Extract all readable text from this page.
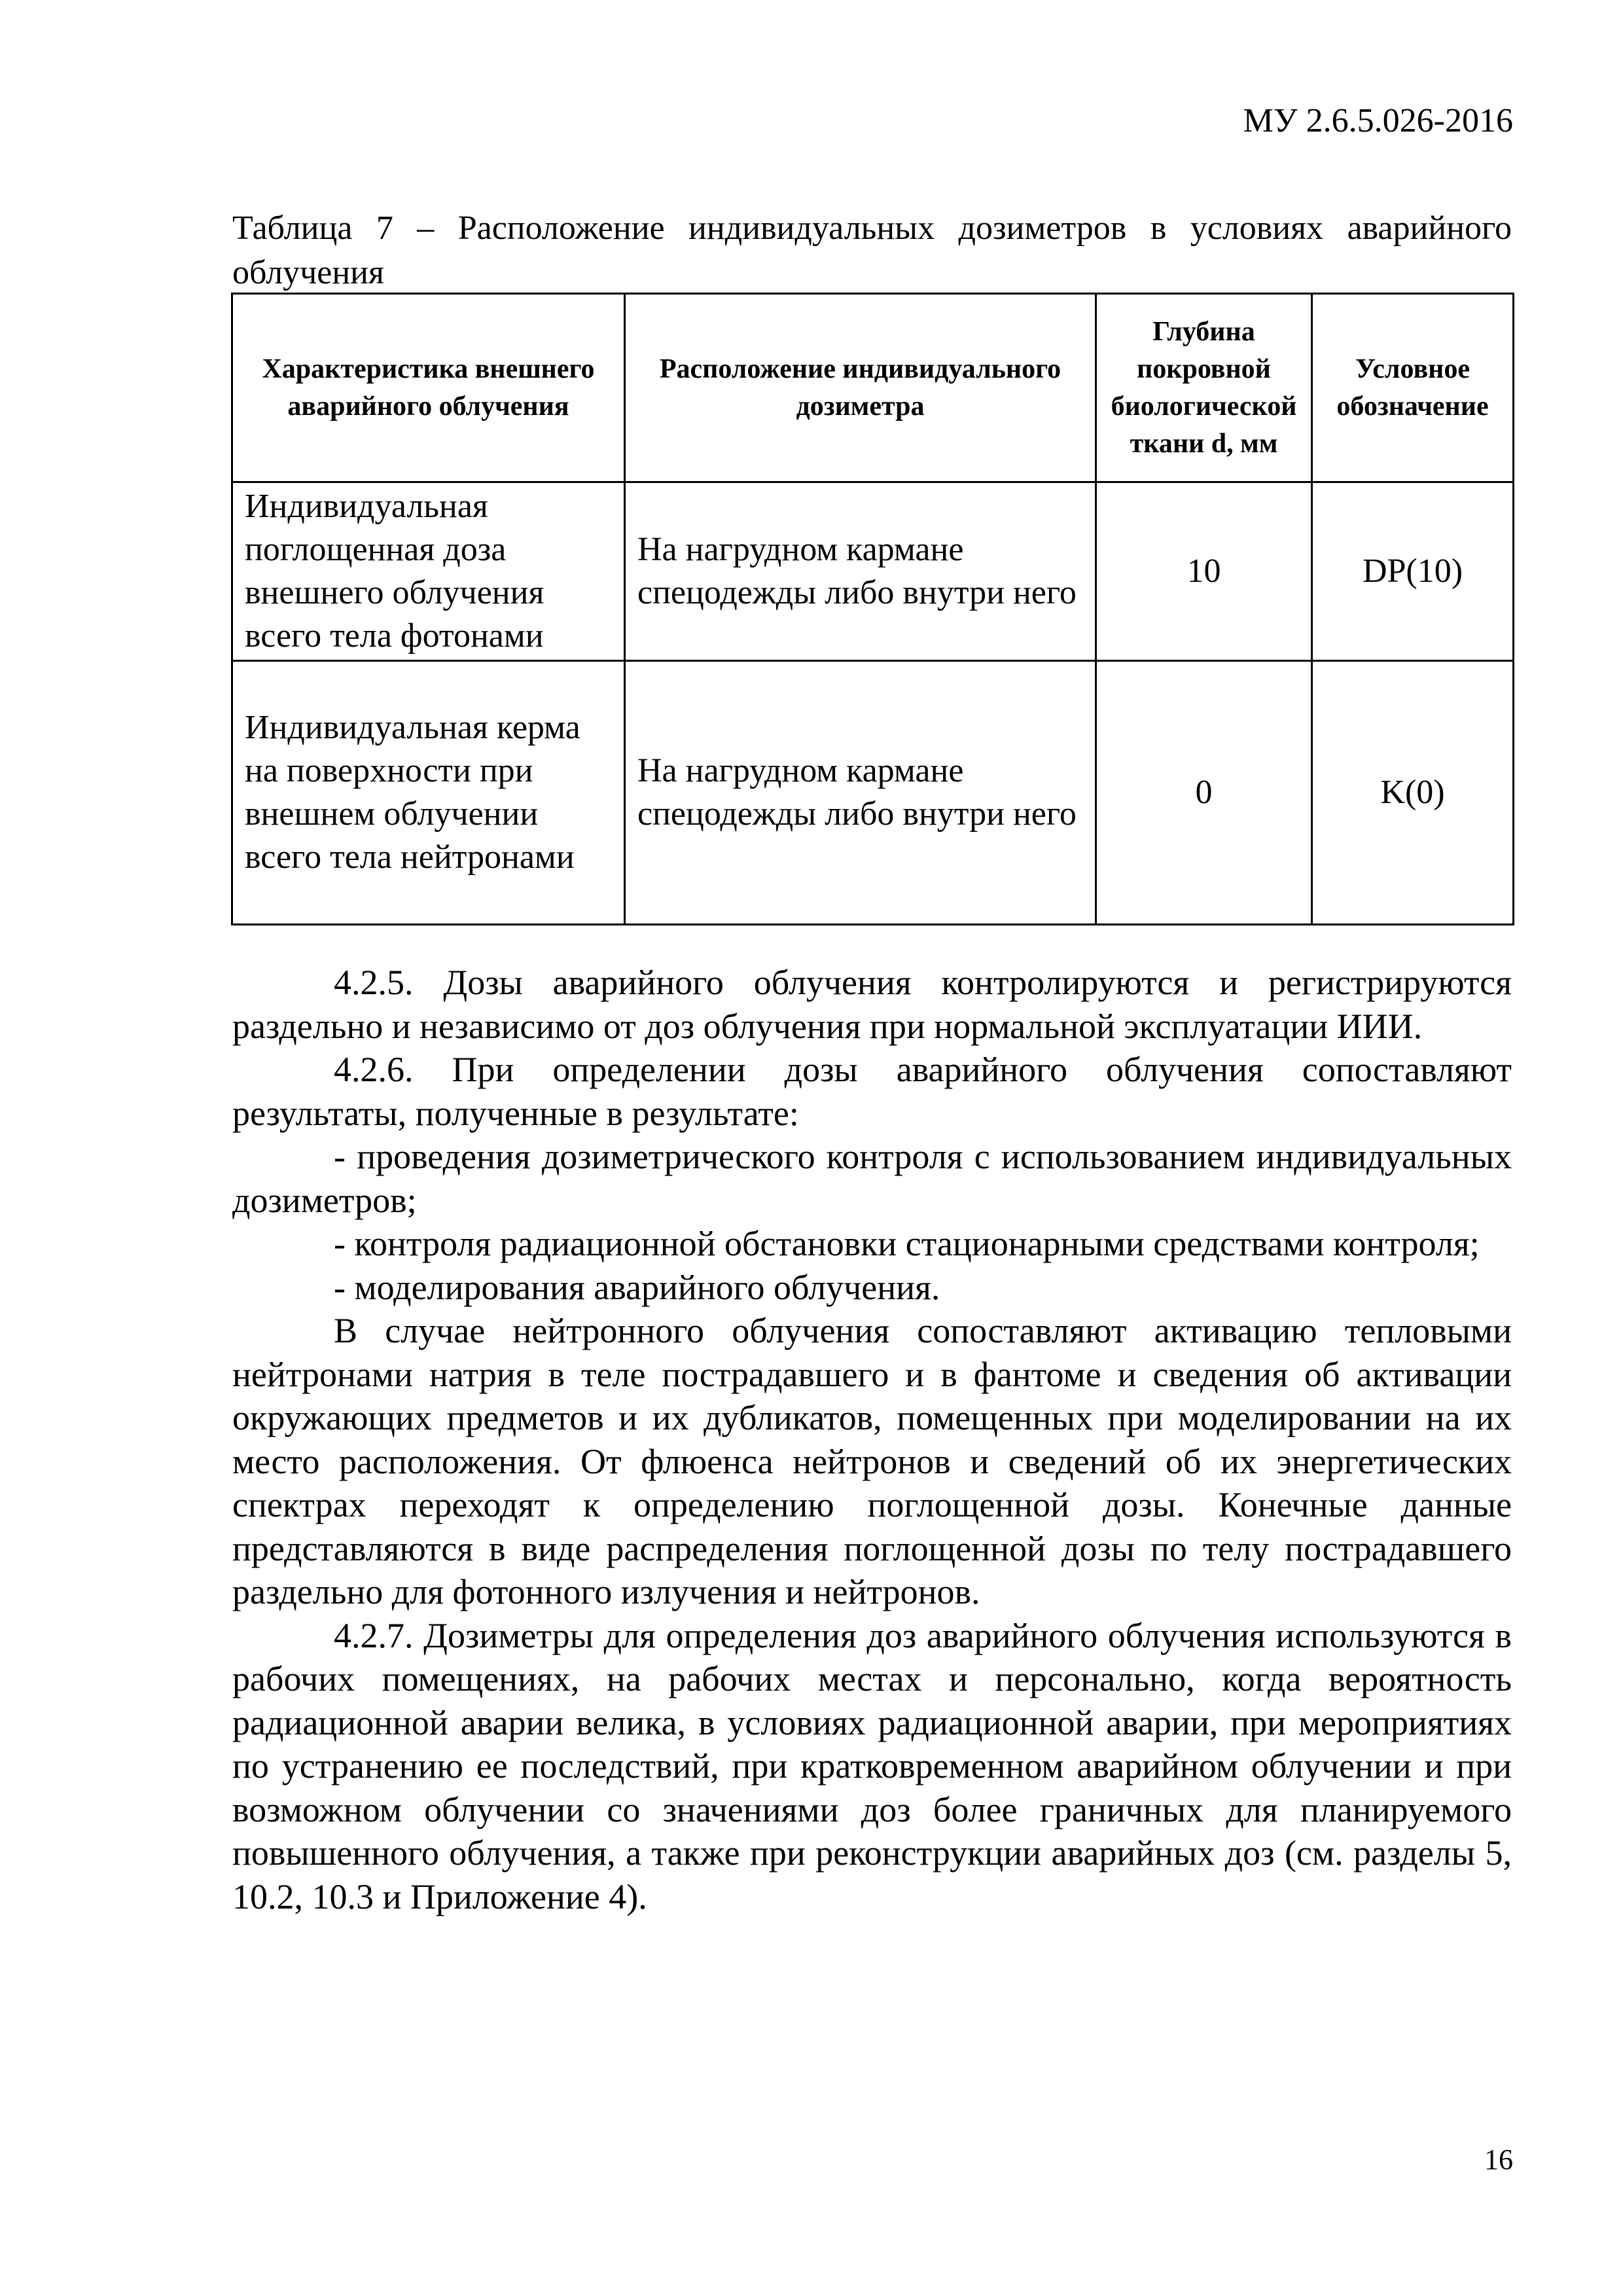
МУ 2.6.5.026-2016
Таблица 7 – Расположение индивидуальных дозиметров в условиях аварийного облучения
Характеристика внешнего аварийного облучения	Расположение индивидуального дозиметра	Глубина покровной биологической ткани d, мм	Условное обозначение
Индивидуальная поглощенная доза внешнего облучения всего тела фотонами	На нагрудном кармане спецодежды либо внутри него	10	DP(10)
Индивидуальная керма на поверхности при внешнем облучении всего тела нейтронами	На нагрудном кармане спецодежды либо внутри него	0	K(0)

4.2.5. Дозы аварийного облучения контролируются и регистрируются раздельно и независимо от доз облучения при нормальной эксплуатации ИИИ.

4.2.6. При определении дозы аварийного облучения сопоставляют результаты, полученные в результате:

- проведения дозиметрического контроля с использованием индивидуальных дозиметров;

- контроля радиационной обстановки стационарными средствами контроля;

- моделирования аварийного облучения.

В случае нейтронного облучения сопоставляют активацию тепловыми нейтронами натрия в теле пострадавшего и в фантоме и сведения об активации окружающих предметов и их дубликатов, помещенных при моделировании на их место расположения. От флюенса нейтронов и сведений об их энергетических спектрах переходят к определению поглощенной дозы. Конечные данные представляются в виде распределения поглощенной дозы по телу пострадавшего раздельно для фотонного излучения и нейтронов.

4.2.7. Дозиметры для определения доз аварийного облучения используются в рабочих помещениях, на рабочих местах и персонально, когда вероятность радиационной аварии велика, в условиях радиационной аварии, при мероприятиях по устранению ее последствий, при кратковременном аварийном облучении и при возможном облучении со значениями доз более граничных для планируемого повышенного облучения, а также при реконструкции аварийных доз (см. разделы 5, 10.2, 10.3 и Приложение 4).

16
